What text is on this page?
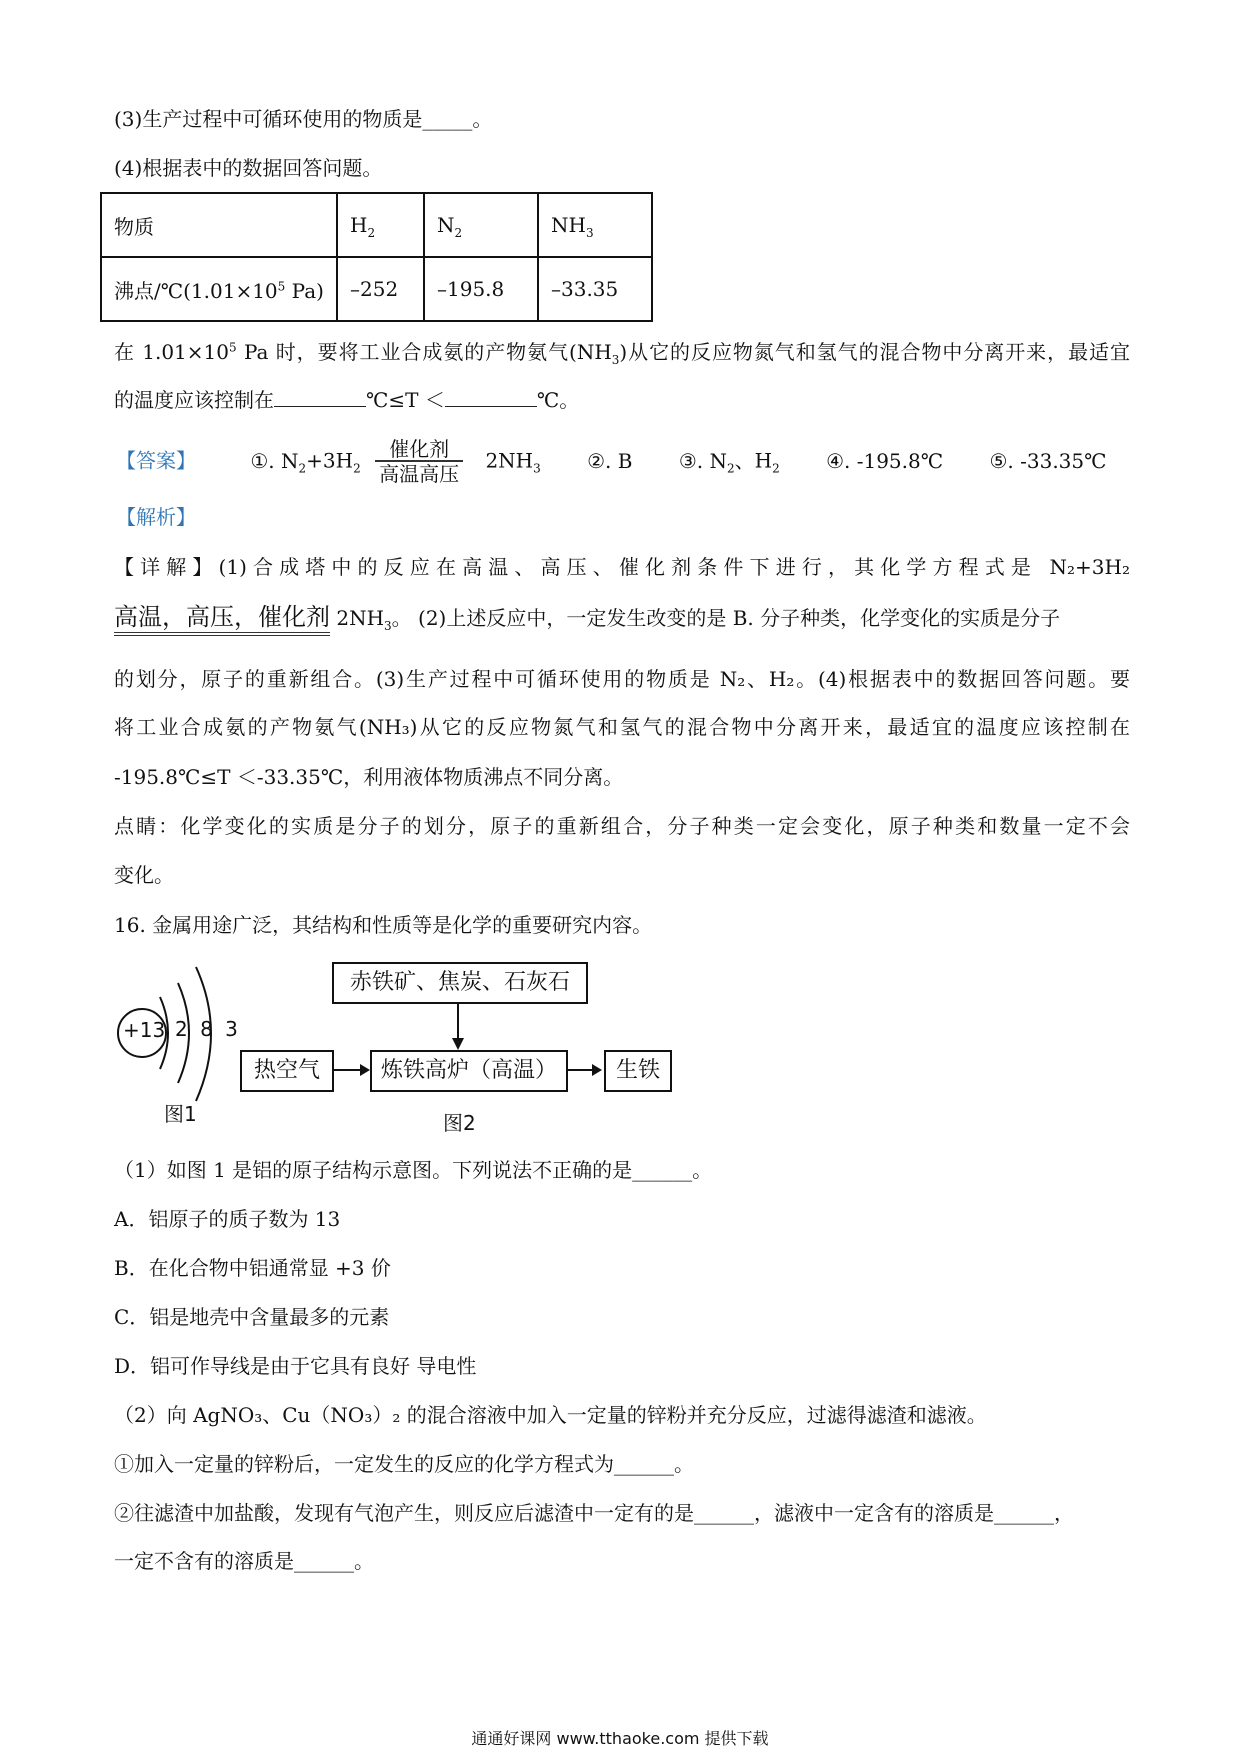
(3)生产过程中可循环使用的物质是_____。
(4)根据表中的数据回答问题。
物质	$H_2$	$N_2$	$NH_3$
沸点$/℃(1.01\times 10^5$ Pa)	–252	–195.8	–33.35
在 $1.01\times 10^5$ Pa 时，要将工业合成氨的产物氨气$(NH_3)$从它的反应物氮气和氢气的混合物中分离开来，最适宜
的温度应该控制在	℃≤T ＜	℃。
【答案】	①. $N_2+3H_2$
催化剂
高温高压
$2NH_3$ ②. B ③. $N_2$、$H_2$ ④. -195.8℃ ⑤. -33.35℃
【解析】
【详解】(1)合成塔中的反应在高温、高压、催化剂条件下进行，其化学方程式是 N₂+3H₂
高温，高压，催化剂 $2NH_3$。 (2)上述反应中，一定发生改变的是 B. 分子种类，化学变化的实质是分子
的划分，原子的重新组合。(3)生产过程中可循环使用的物质是 N₂、H₂。(4)根据表中的数据回答问题。要
将工业合成氨的产物氨气(NH₃)从它的反应物氮气和氢气的混合物中分离开来，最适宜的温度应该控制在
-195.8℃≤T ＜-33.35℃，利用液体物质沸点不同分离。
点睛：化学变化的实质是分子的划分，原子的重新组合，分子种类一定会变化，原子种类和数量一定不会
变化。
16. 金属用途广泛，其结构和性质等是化学的重要研究内容。
+13 2 8 3
图1
赤铁矿、焦炭、石灰石
热空气	炼铁高炉（高温）	生铁
图2
（1）如图 1 是铝的原子结构示意图。下列说法不正确的是______。
A．铝原子的质子数为 13
B．在化合物中铝通常显 +3 价
C．铝是地壳中含量最多的元素
D．铝可作导线是由于它具有良好 导电性
（2）向 AgNO₃、Cu（NO₃）₂ 的混合溶液中加入一定量的锌粉并充分反应，过滤得滤渣和滤液。
①加入一定量的锌粉后，一定发生的反应的化学方程式为______。
②往滤渣中加盐酸，发现有气泡产生，则反应后滤渣中一定有的是______，滤液中一定含有的溶质是______，
一定不含有的溶质是______。
通通好课网 www.tthaoke.com 提供下载
